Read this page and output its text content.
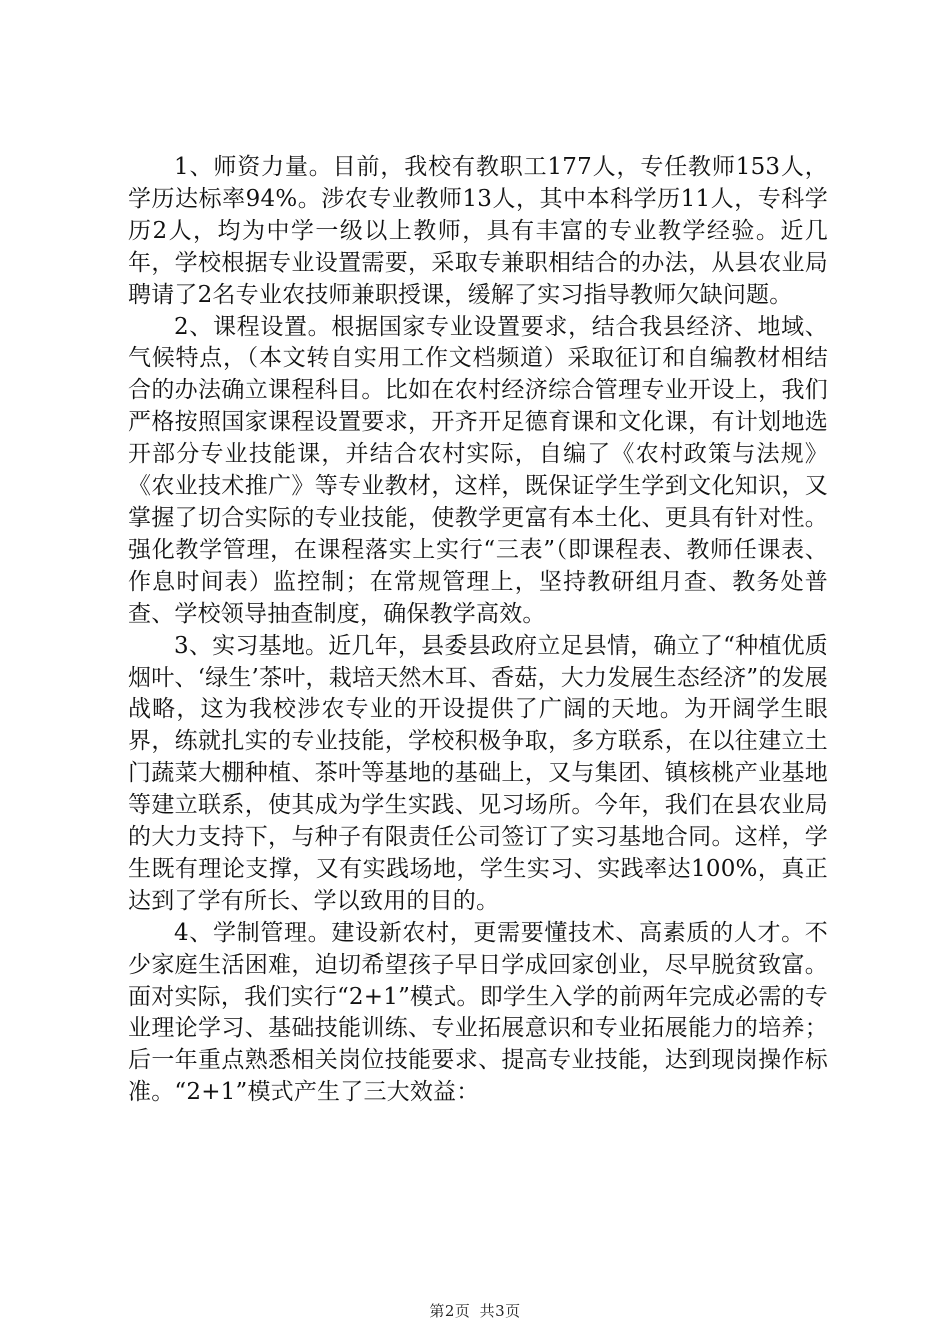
1、师资力量。目前，我校有教职工177人，专任教师153人，学历达标率94%。涉农专业教师13人，其中本科学历11人，专科学历2人，均为中学一级以上教师，具有丰富的专业教学经验。近几年，学校根据专业设置需要，采取专兼职相结合的办法，从县农业局聘请了2名专业农技师兼职授课，缓解了实习指导教师欠缺问题。

2、课程设置。根据国家专业设置要求，结合我县经济、地域、气候特点，（本文转自实用工作文档频道）采取征订和自编教材相结合的办法确立课程科目。比如在农村经济综合管理专业开设上，我们严格按照国家课程设置要求，开齐开足德育课和文化课，有计划地选开部分专业技能课，并结合农村实际，自编了《农村政策与法规》《农业技术推广》等专业教材，这样，既保证学生学到文化知识，又掌握了切合实际的专业技能，使教学更富有本土化、更具有针对性。强化教学管理，在课程落实上实行“三表”（即课程表、教师任课表、作息时间表）监控制；在常规管理上，坚持教研组月查、教务处普查、学校领导抽查制度，确保教学高效。

3、实习基地。近几年，县委县政府立足县情，确立了“种植优质烟叶、‘绿生’茶叶，栽培天然木耳、香菇，大力发展生态经济”的发展战略，这为我校涉农专业的开设提供了广阔的天地。为开阔学生眼界，练就扎实的专业技能，学校积极争取，多方联系，在以往建立土门蔬菜大棚种植、茶叶等基地的基础上，又与集团、镇核桃产业基地等建立联系，使其成为学生实践、见习场所。今年，我们在县农业局的大力支持下，与种子有限责任公司签订了实习基地合同。这样，学生既有理论支撑，又有实践场地，学生实习、实践率达100%，真正达到了学有所长、学以致用的目的。

4、学制管理。建设新农村，更需要懂技术、高素质的人才。不少家庭生活困难，迫切希望孩子早日学成回家创业，尽早脱贫致富。面对实际，我们实行“2+1”模式。即学生入学的前两年完成必需的专业理论学习、基础技能训练、专业拓展意识和专业拓展能力的培养；后一年重点熟悉相关岗位技能要求、提高专业技能，达到现岗操作标准。“2+1”模式产生了三大效益：

第2页 共3页
